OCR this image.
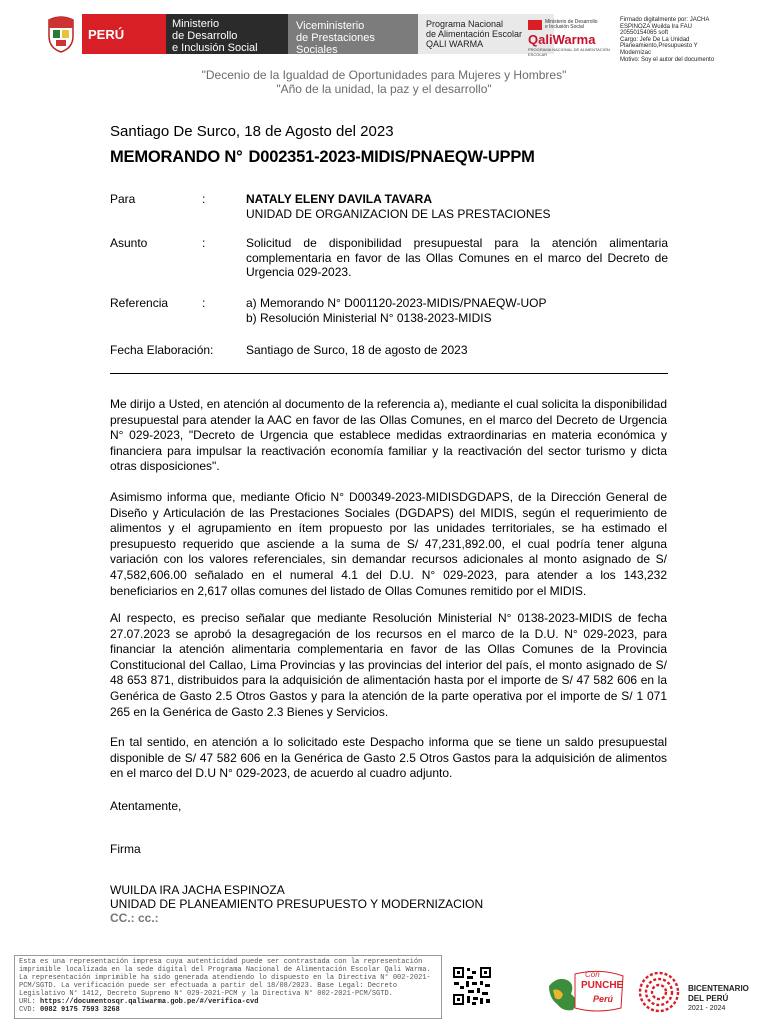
PERÚ
Ministerio
de Desarrollo
e Inclusión Social
Viceministerio
de Prestaciones Sociales
Programa Nacional
de Alimentación Escolar
QALI WARMA
Ministerio de Desarrollo
e Inclusión Social
QaliWarma
PROGRAMA NACIONAL DE ALIMENTACIÓN ESCOLAR
Firmado digitalmente por: JACHA
ESPINOZA Wuilda Ira FAU
20550154065 soft
Cargo: Jefe De La Unidad
Planeamiento,Presupuesto Y
Modernizac
Motivo: Soy el autor del documento
"Decenio de la Igualdad de Oportunidades para Mujeres y Hombres"
"Año de la unidad, la paz y el desarrollo"
Santiago De Surco, 18 de Agosto del 2023
MEMORANDO N° D002351-2023-MIDIS/PNAEQW-UPPM
Para	:	NATALY ELENY DAVILA TAVARA
UNIDAD DE ORGANIZACION DE LAS PRESTACIONES
Asunto	:	Solicitud de disponibilidad presupuestal para la atención alimentaria complementaria en favor de las Ollas Comunes en el marco del Decreto de Urgencia 029-2023.
Referencia	:	a) Memorando N° D001120-2023-MIDIS/PNAEQW-UOP
b) Resolución Ministerial N° 0138-2023-MIDIS
Fecha Elaboración:	Santiago de Surco, 18 de agosto de 2023
Me dirijo a Usted, en atención al documento de la referencia a), mediante el cual solicita la disponibilidad presupuestal para atender la AAC en favor de las Ollas Comunes, en el marco del Decreto de Urgencia N° 029-2023, "Decreto de Urgencia que establece medidas extraordinarias en materia económica y financiera para impulsar la reactivación economía familiar y la reactivación del sector turismo y dicta otras disposiciones".
Asimismo informa que, mediante Oficio N° D00349-2023-MIDISDGDAPS, de la Dirección General de Diseño y Articulación de las Prestaciones Sociales (DGDAPS) del MIDIS, según el requerimiento de alimentos y el agrupamiento en ítem propuesto por las unidades territoriales, se ha estimado el presupuesto requerido que asciende a la suma de S/ 47,231,892.00, el cual podría tener alguna variación con los valores referenciales, sin demandar recursos adicionales al monto asignado de S/ 47,582,606.00 señalado en el numeral 4.1 del D.U. N° 029-2023, para atender a los 143,232 beneficiarios en 2,617 ollas comunes del listado de Ollas Comunes remitido por el MIDIS.
Al respecto, es preciso señalar que mediante Resolución Ministerial N° 0138-2023-MIDIS de fecha 27.07.2023 se aprobó la desagregación de los recursos en el marco de la D.U. N° 029-2023, para financiar la atención alimentaria complementaria en favor de las Ollas Comunes de la Provincia Constitucional del Callao, Lima Provincias y las provincias del interior del país, el monto asignado de S/ 48 653 871, distribuidos para la adquisición de alimentación hasta por el importe de S/ 47 582 606 en la Genérica de Gasto 2.5 Otros Gastos y para la atención de la parte operativa por el importe de S/ 1 071 265 en la Genérica de Gasto 2.3 Bienes y Servicios.
En tal sentido, en atención a lo solicitado este Despacho informa que se tiene un saldo presupuestal disponible de S/ 47 582 606 en la Genérica de Gasto 2.5 Otros Gastos para la adquisición de alimentos en el marco del D.U N° 029-2023, de acuerdo al cuadro adjunto.
Atentamente,
Firma
WUILDA IRA JACHA ESPINOZA
UNIDAD DE PLANEAMIENTO PRESUPUESTO Y MODERNIZACION
CC.: cc.:
Esta es una representación impresa cuya autenticidad puede ser contrastada con la representación imprimible localizada en la sede digital del Programa Nacional de Alimentación Escolar Qali Warma. La representación imprimible ha sido generada atendiendo lo dispuesto en la Directiva N° 002-2021-PCM/SGTD. La verificación puede ser efectuada a partir del 18/08/2023. Base Legal: Decreto Legislativo N° 1412, Decreto Supremo N° 029-2021-PCM y la Directiva N° 002-2021-PCM/SGTD.
URL: https://documentosqr.qaliwarma.gob.pe/#/verifica-cvd
CVD: 0082 9175 7593 3268
Con
PUNCHE
Perú
BICENTENARIO
DEL PERÚ
2021 - 2024
